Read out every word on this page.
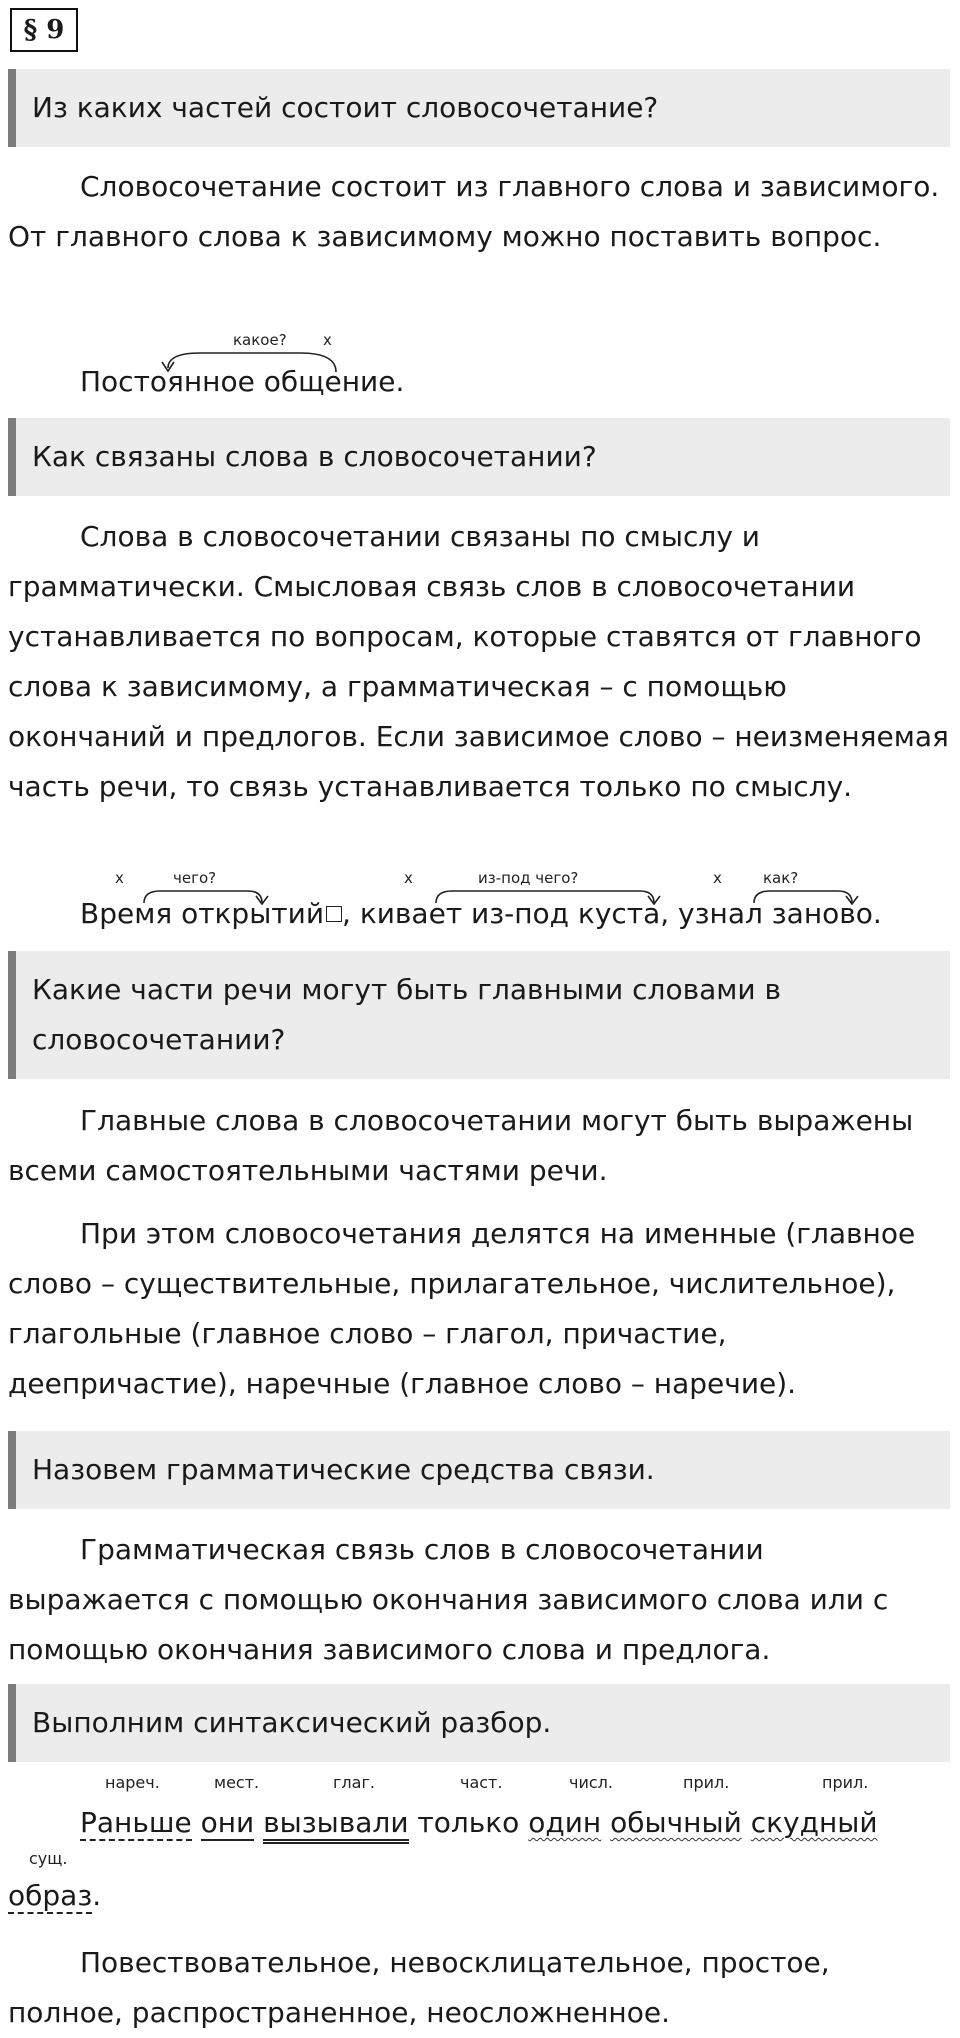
§ 9
Из каких частей состоит словосочетание?

Словосочетание состоит из главного слова и зависимого. От главного слова к зависимому можно поставить вопрос.

какое? х
Постоянное общение.
Как связаны слова в словосочетании?

Слова в словосочетании связаны по смыслу и грамматически. Смысловая связь слов в словосочетании устанавливается по вопросам, которые ставятся от главного слова к зависимому, а грамматическая – с помощью окончаний и предлогов. Если зависимое слово – неизменяемая часть речи, то связь устанавливается только по смыслу.

х	чего?	х	из-под чего?	х	как?
Время открытий , кивает из-под куста, узнал заново.
Какие части речи могут быть главными словами в словосочетании?

Главные слова в словосочетании могут быть выражены всеми самостоятельными частями речи.

При этом словосочетания делятся на именные (главное слово – существительные, прилагательное, числительное), глагольные (главное слово – глагол, причастие, деепричастие), наречные (главное слово – наречие).

Назовем грамматические средства связи.

Грамматическая связь слов в словосочетании выражается с помощью окончания зависимого слова или с помощью окончания зависимого слова и предлога.

Выполним синтаксический разбор.
нареч.	мест.	глаг.	част.	числ.	прил.	прил.
Раньше они вызывали только один обычный скудный
сущ.
образ.

Повествовательное, невосклицательное, простое, полное, распространенное, неосложненное.
